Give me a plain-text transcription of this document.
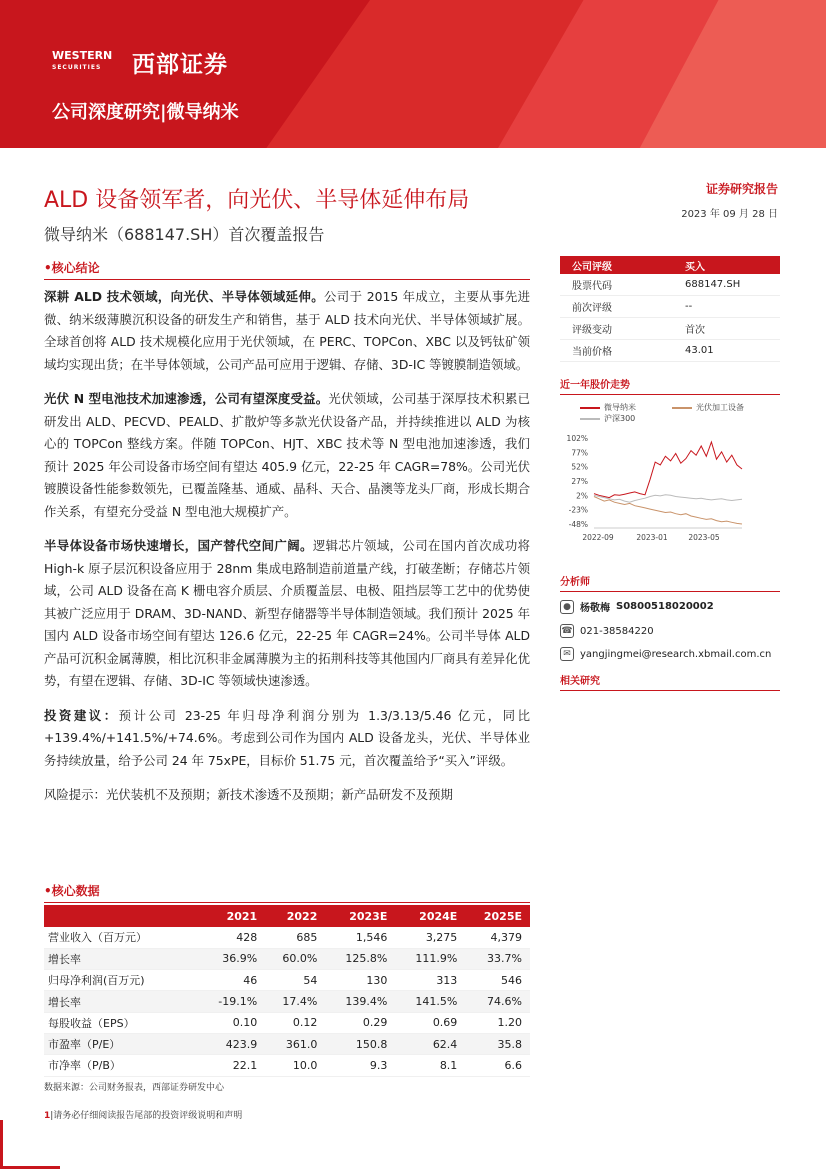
WESTERN
SECURITIES	西部证券
公司深度研究|微导纳米
ALD 设备领军者，向光伏、半导体延伸布局
微导纳米（688147.SH）首次覆盖报告
证券研究报告
2023 年 09 月 28 日
•核心结论
深耕 ALD 技术领域，向光伏、半导体领域延伸。公司于 2015 年成立，主要从事先进微、纳米级薄膜沉积设备的研发生产和销售，基于 ALD 技术向光伏、半导体领域扩展。全球首创将 ALD 技术规模化应用于光伏领域，在 PERC、TOPCon、XBC 以及钙钛矿领域均实现出货；在半导体领域，公司产品可应用于逻辑、存储、3D-IC 等镀膜制造领域。
光伏 N 型电池技术加速渗透，公司有望深度受益。光伏领域，公司基于深厚技术积累已研发出 ALD、PECVD、PEALD、扩散炉等多款光伏设备产品，并持续推进以 ALD 为核心的 TOPCon 整线方案。伴随 TOPCon、HJT、XBC 技术等 N 型电池加速渗透，我们预计 2025 年公司设备市场空间有望达 405.9 亿元，22-25 年 CAGR=78%。公司光伏镀膜设备性能参数领先，已覆盖隆基、通威、晶科、天合、晶澳等龙头厂商，形成长期合作关系，有望充分受益 N 型电池大规模扩产。
半导体设备市场快速增长，国产替代空间广阔。逻辑芯片领域，公司在国内首次成功将 High-k 原子层沉积设备应用于 28nm 集成电路制造前道量产线，打破垄断；存储芯片领域，公司 ALD 设备在高 K 栅电容介质层、介质覆盖层、电极、阻挡层等工艺中的优势使其被广泛应用于 DRAM、3D-NAND、新型存储器等半导体制造领域。我们预计 2025 年国内 ALD 设备市场空间有望达 126.6 亿元，22-25 年 CAGR=24%。公司半导体 ALD 产品可沉积金属薄膜，相比沉积非金属薄膜为主的拓荆科技等其他国内厂商具有差异化优势，有望在逻辑、存储、3D-IC 等领域快速渗透。
投资建议：预计公司 23-25 年归母净利润分别为 1.3/3.13/5.46 亿元，同比+139.4%/+141.5%/+74.6%。考虑到公司作为国内 ALD 设备龙头，光伏、半导体业务持续放量，给予公司 24 年 75xPE，目标价 51.75 元，首次覆盖给予“买入”评级。
风险提示：光伏装机不及预期；新技术渗透不及预期；新产品研发不及预期
公司评级	买入
股票代码	688147.SH
前次评级	--
评级变动	首次
当前价格	43.01
近一年股价走势
微导纳米	光伏加工设备
沪深300
102%
77%
52%
27%
2%
-23%
-48%
2022-09	2023-01	2023-05
分析师
● 杨敬梅 S0800518020002
☎ 021-38584220
✉ yangjingmei@research.xbmail.com.cn
相关研究
•核心数据
	2021	2022	2023E	2024E	2025E
营业收入（百万元）	428	685	1,546	3,275	4,379
增长率	36.9%	60.0%	125.8%	111.9%	33.7%
归母净利润(百万元)	46	54	130	313	546
增长率	-19.1%	17.4%	139.4%	141.5%	74.6%
每股收益（EPS）	0.10	0.12	0.29	0.69	1.20
市盈率（P/E）	423.9	361.0	150.8	62.4	35.8
市净率（P/B）	22.1	10.0	9.3	8.1	6.6
数据来源：公司财务报表，西部证券研发中心
1|请务必仔细阅读报告尾部的投资评级说明和声明
